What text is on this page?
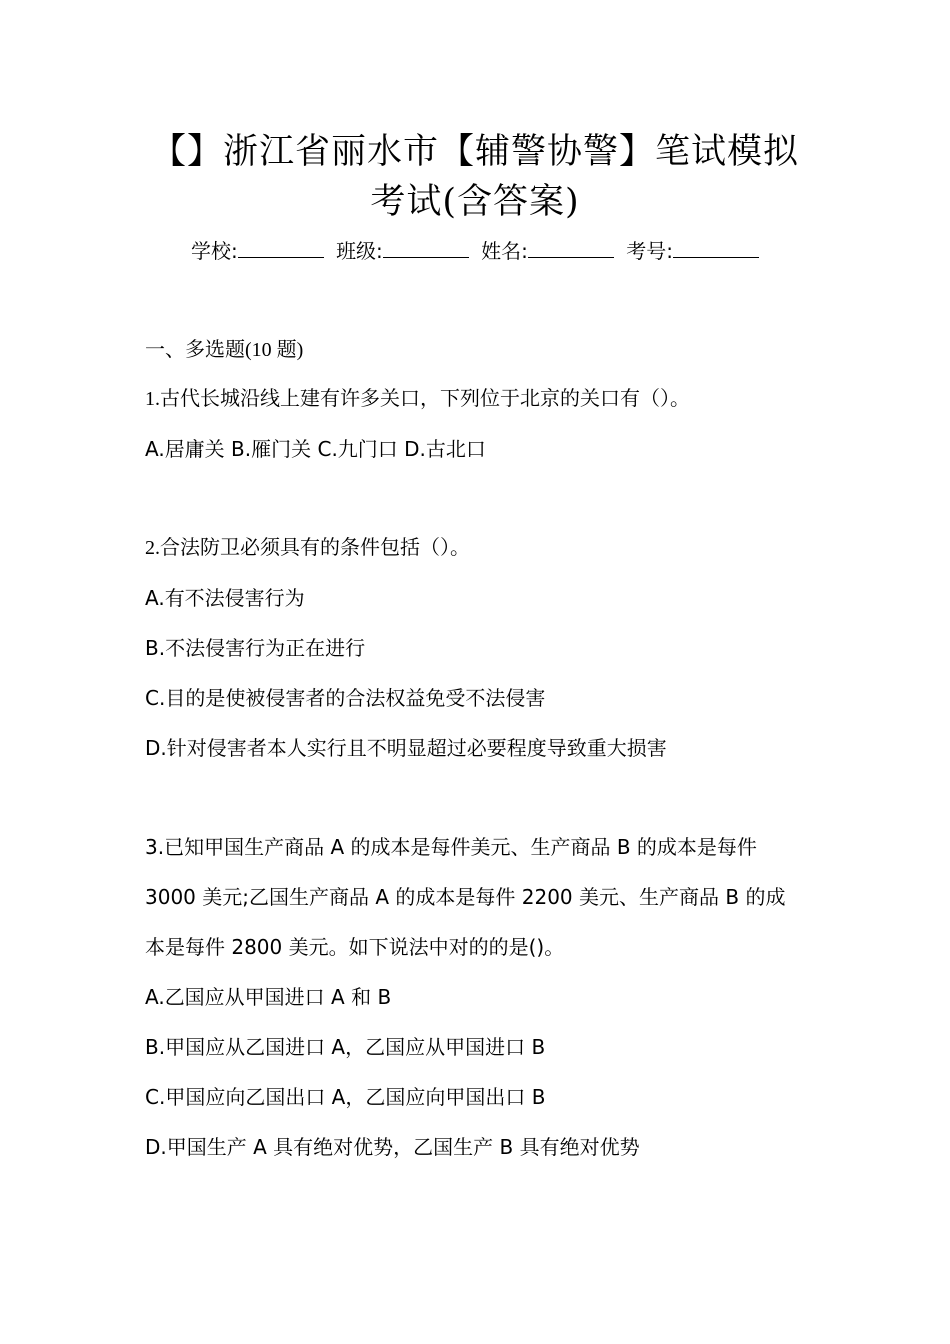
【】浙江省丽水市【辅警协警】笔试模拟
考试(含答案)
学校:	班级:	姓名:	考号:
一、多选题(10 题)
1.古代长城沿线上建有许多关口，下列位于北京的关口有（）。
A.居庸关 B.雁门关 C.九门口 D.古北口
2.合法防卫必须具有的条件包括（）。
A.有不法侵害行为
B.不法侵害行为正在进行
C.目的是使被侵害者的合法权益免受不法侵害
D.针对侵害者本人实行且不明显超过必要程度导致重大损害
3.已知甲国生产商品 A 的成本是每件美元、生产商品 B 的成本是每件
3000 美元;乙国生产商品 A 的成本是每件 2200 美元、生产商品 B 的成
本是每件 2800 美元。如下说法中对的的是()。
A.乙国应从甲国进口 A 和 B
B.甲国应从乙国进口 A，乙国应从甲国进口 B
C.甲国应向乙国出口 A，乙国应向甲国出口 B
D.甲国生产 A 具有绝对优势，乙国生产 B 具有绝对优势
